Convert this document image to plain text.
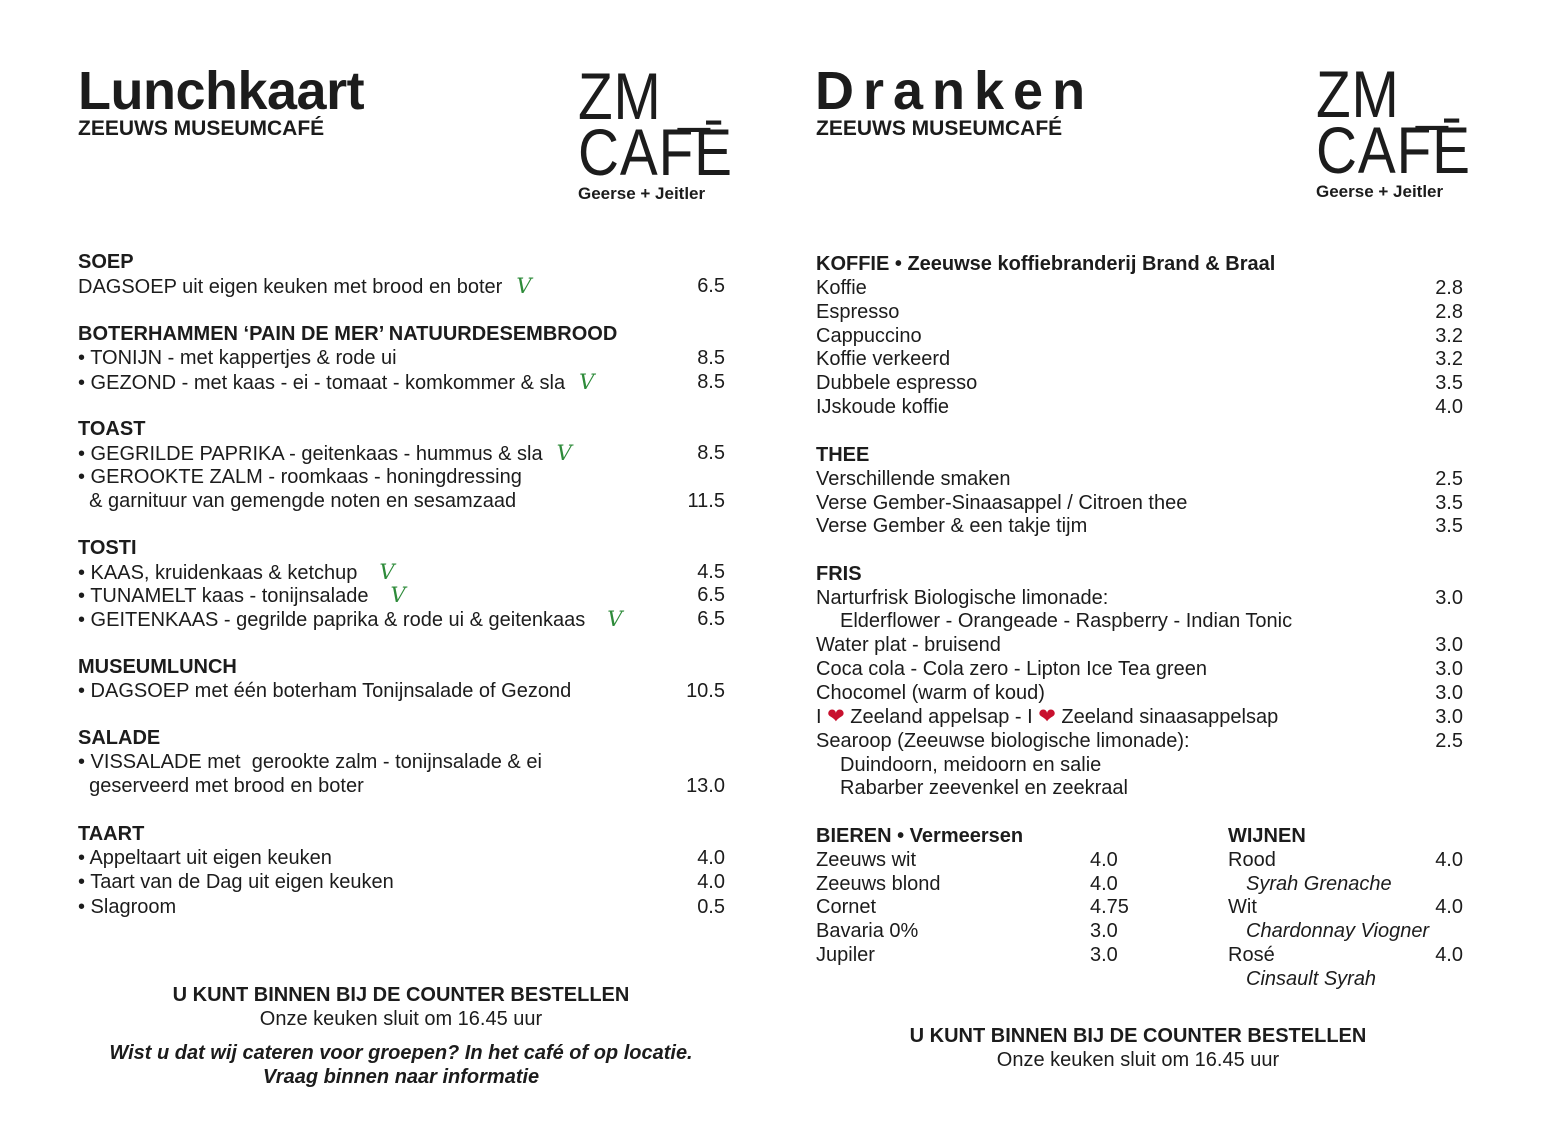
Lunchkaart
ZEEUWS MUSEUMCAFÉ	ZM _
CAFĒ
Geerse + Jeitler
SOEP
DAGSOEP uit eigen keuken met brood en boter V	6.5
BOTERHAMMEN ‘PAIN DE MER’ NATUURDESEMBROOD
• TONIJN - met kappertjes & rode ui	8.5
• GEZOND - met kaas - ei - tomaat - komkommer & sla V	8.5
TOAST
• GEGRILDE PAPRIKA - geitenkaas - hummus & sla V	8.5
• GEROOKTE ZALM - roomkaas - honingdressing
& garnituur van gemengde noten en sesamzaad	11.5
TOSTI
• KAAS, kruidenkaas & ketchup V	4.5
• TUNAMELT kaas - tonijnsalade V	6.5
• GEITENKAAS - gegrilde paprika & rode ui & geitenkaas V	6.5
MUSEUMLUNCH
• DAGSOEP met één boterham Tonijnsalade of Gezond	10.5
SALADE
• VISSALADE met  gerookte zalm - tonijnsalade & ei
geserveerd met brood en boter	13.0
TAART
• Appeltaart uit eigen keuken	4.0
• Taart van de Dag uit eigen keuken	4.0
• Slagroom	0.5
U KUNT BINNEN BIJ DE COUNTER BESTELLEN
Onze keuken sluit om 16.45 uur
Wist u dat wij cateren voor groepen? In het café of op locatie.
Vraag binnen naar informatie
Dranken
ZEEUWS MUSEUMCAFÉ	ZM _
CAFĒ
Geerse + Jeitler
KOFFIE • Zeeuwse koffiebranderij Brand & Braal
Koffie	2.8
Espresso	2.8
Cappuccino	3.2
Koffie verkeerd	3.2
Dubbele espresso	3.5
IJskoude koffie	4.0
THEE
Verschillende smaken	2.5
Verse Gember-Sinaasappel / Citroen thee	3.5
Verse Gember & een takje tijm	3.5
FRIS
Narturfrisk Biologische limonade:	3.0
Elderflower - Orangeade - Raspberry - Indian Tonic
Water plat - bruisend	3.0
Coca cola - Cola zero - Lipton Ice Tea green	3.0
Chocomel (warm of koud)	3.0
I ❤ Zeeland appelsap - I ❤ Zeeland sinaasappelsap	3.0
Searoop (Zeeuwse biologische limonade):	2.5
Duindoorn, meidoorn en salie
Rabarber zeevenkel en zeekraal
BIEREN • Vermeersen
Zeeuws wit	4.0
Zeeuws blond	4.0
Cornet	4.75
Bavaria 0%	3.0
Jupiler	3.0
WIJNEN
Rood	4.0
Syrah Grenache
Wit	4.0
Chardonnay Viogner
Rosé	4.0
Cinsault Syrah
U KUNT BINNEN BIJ DE COUNTER BESTELLEN
Onze keuken sluit om 16.45 uur
